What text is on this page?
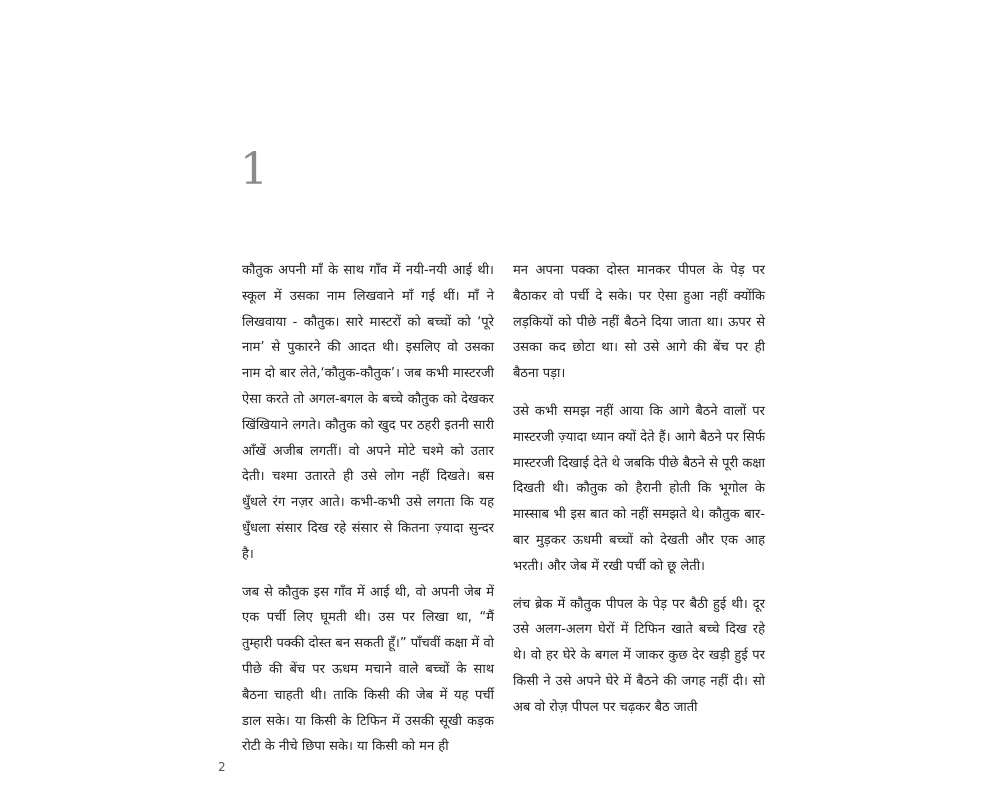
1

कौतुक अपनी माँ के साथ गाँव में नयी-नयी आई थी। स्कूल में उसका नाम लिखवाने माँ गई थीं। माँ ने लिखवाया - कौतुक। सारे मास्टरों को बच्चों को ‘पूरे नाम’ से पुकारने की आदत थी। इसलिए वो उसका नाम दो बार लेते,‘कौतुक-कौतुक’। जब कभी मास्टरजी ऐसा करते तो अगल-बगल के बच्चे कौतुक को देखकर खिंखियाने लगते। कौतुक को खुद पर ठहरी इतनी सारी आँखें अजीब लगतीं। वो अपने मोटे चश्मे को उतार देती। चश्मा उतारते ही उसे लोग नहीं दिखते। बस धुँधले रंग नज़र आते। कभी-कभी उसे लगता कि यह धुँधला संसार दिख रहे संसार से कितना ज़्यादा सुन्दर है।

जब से कौतुक इस गाँव में आई थी, वो अपनी जेब में एक पर्ची लिए घूमती थी। उस पर लिखा था, “मैं तुम्हारी पक्की दोस्त बन सकती हूँ।” पाँचवीं कक्षा में वो पीछे की बेंच पर ऊधम मचाने वाले बच्चों के साथ बैठना चाहती थी। ताकि किसी की जेब में यह पर्ची डाल सके। या किसी के टिफिन में उसकी सूखी कड़क रोटी के नीचे छिपा सके। या किसी को मन ही

मन अपना पक्का दोस्त मानकर पीपल के पेड़ पर बैठाकर वो पर्ची दे सके। पर ऐसा हुआ नहीं क्योंकि लड़कियों को पीछे नहीं बैठने दिया जाता था। ऊपर से उसका कद छोटा था। सो उसे आगे की बेंच पर ही बैठना पड़ा।

उसे कभी समझ नहीं आया कि आगे बैठने वालों पर मास्टरजी ज़्यादा ध्यान क्यों देते हैं। आगे बैठने पर सिर्फ मास्टरजी दिखाई देते थे जबकि पीछे बैठने से पूरी कक्षा दिखती थी। कौतुक को हैरानी होती कि भूगोल के मास्साब भी इस बात को नहीं समझते थे। कौतुक बार-बार मुड़कर ऊधमी बच्चों को देखती और एक आह भरती। और जेब में रखी पर्ची को छू लेती।

लंच ब्रेक में कौतुक पीपल के पेड़ पर बैठी हुई थी। दूर उसे अलग-अलग घेरों में टिफिन खाते बच्चे दिख रहे थे। वो हर घेरे के बगल में जाकर कुछ देर खड़ी हुई पर किसी ने उसे अपने घेरे में बैठने की जगह नहीं दी। सो अब वो रोज़ पीपल पर चढ़कर बैठ जाती

2
